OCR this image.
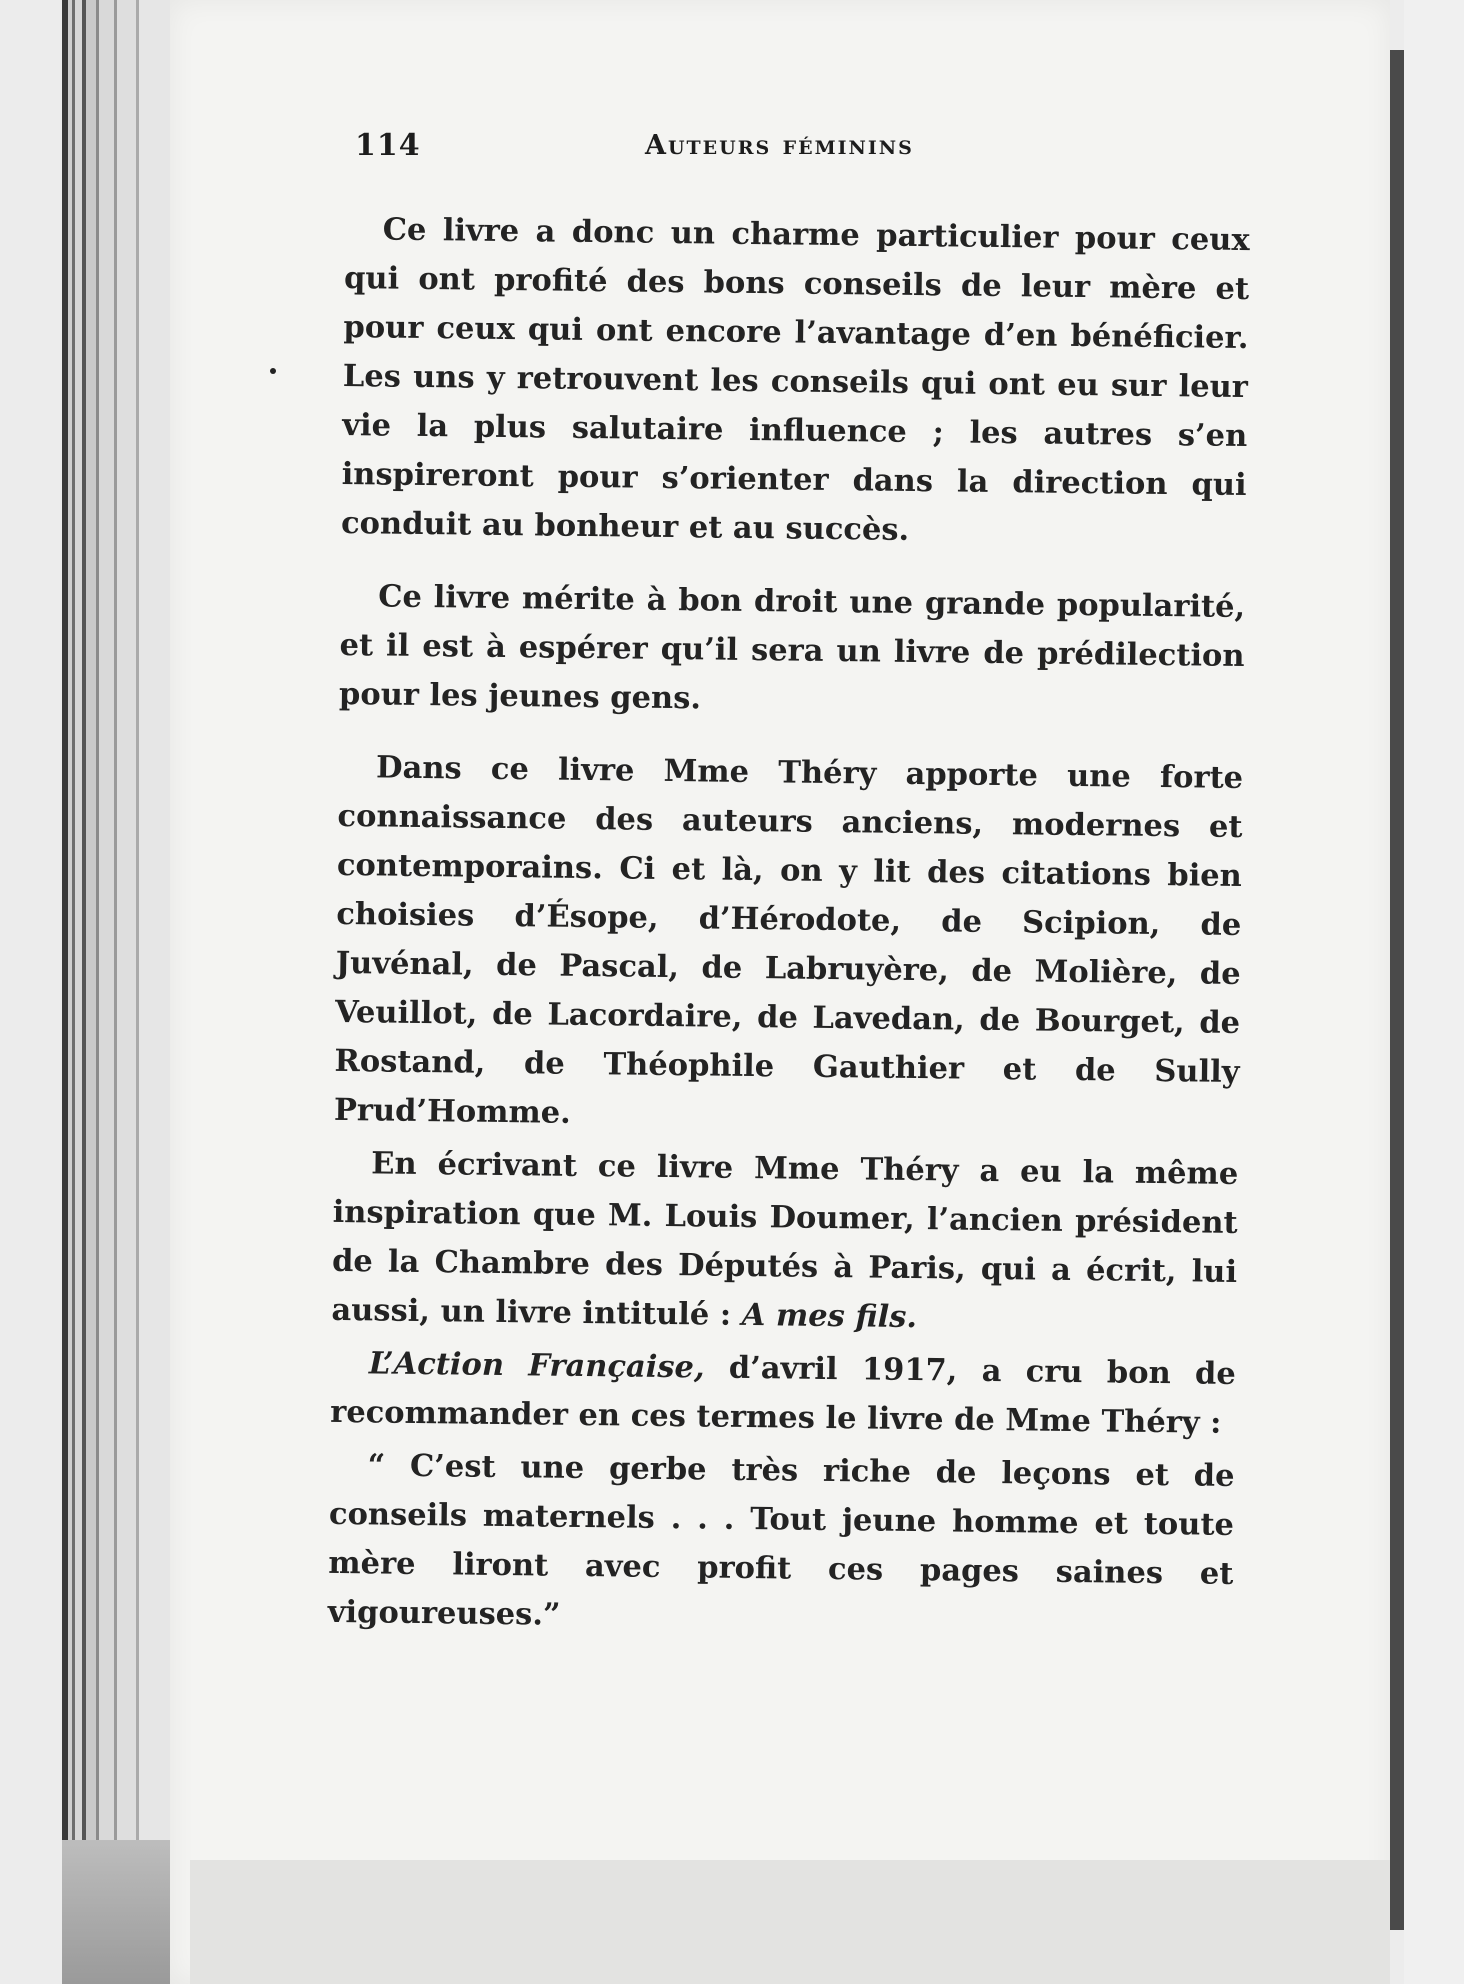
114	Auteurs féminins

Ce livre a donc un charme particulier pour ceux qui ont profité des bons conseils de leur mère et pour ceux qui ont encore l’avantage d’en bénéficier. Les uns y retrouvent les conseils qui ont eu sur leur vie la plus salutaire influence ; les autres s’en inspireront pour s’orienter dans la direction qui conduit au bonheur et au succès.

Ce livre mérite à bon droit une grande popularité, et il est à espérer qu’il sera un livre de prédilection pour les jeunes gens.

Dans ce livre Mme Théry apporte une forte connaissance des auteurs anciens, modernes et contemporains. Ci et là, on y lit des citations bien choisies d’Ésope, d’Hérodote, de Scipion, de Juvénal, de Pascal, de Labruyère, de Molière, de Veuillot, de Lacordaire, de Lavedan, de Bourget, de Rostand, de Théophile Gauthier et de Sully Prud’Homme.

En écrivant ce livre Mme Théry a eu la même inspiration que M. Louis Doumer, l’ancien président de la Chambre des Députés à Paris, qui a écrit, lui aussi, un livre intitulé : A mes fils.

L’Action Française, d’avril 1917, a cru bon de recommander en ces termes le livre de Mme Théry :

“ C’est une gerbe très riche de leçons et de conseils maternels . . . Tout jeune homme et toute mère liront avec profit ces pages saines et vigoureuses.”
